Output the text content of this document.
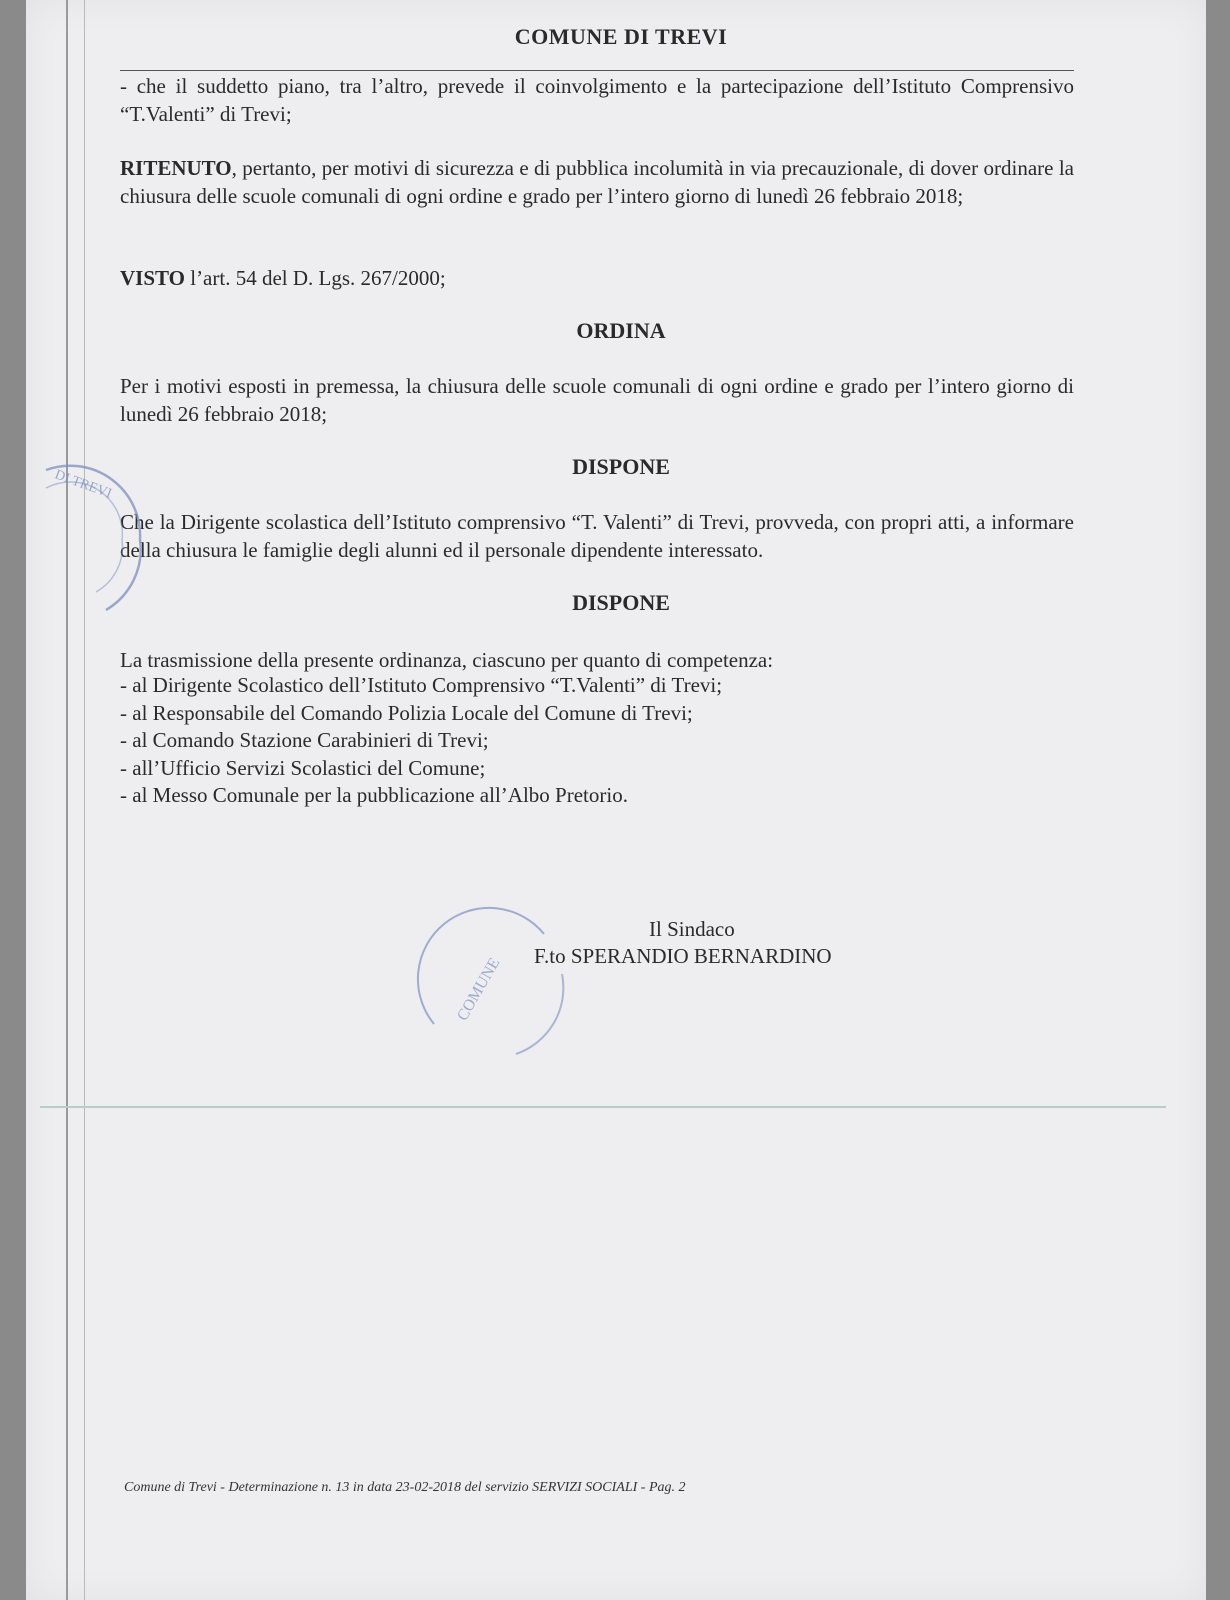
COMUNE DI TREVI
- che il suddetto piano, tra l’altro, prevede il coinvolgimento e la partecipazione dell’Istituto Comprensivo “T.Valenti” di Trevi;
RITENUTO, pertanto, per motivi di sicurezza e di pubblica incolumità in via precauzionale, di dover ordinare la chiusura delle scuole comunali di ogni ordine e grado per l’intero giorno di lunedì 26 febbraio 2018;
VISTO l’art. 54 del D. Lgs. 267/2000;
ORDINA
Per i motivi esposti in premessa, la chiusura delle scuole comunali di ogni ordine e grado per l’intero giorno di lunedì 26 febbraio 2018;
DISPONE
Che la Dirigente scolastica dell’Istituto comprensivo “T. Valenti” di Trevi, provveda, con propri atti, a informare della chiusura le famiglie degli alunni ed il personale dipendente interessato.
DISPONE
La trasmissione della presente ordinanza, ciascuno per quanto di competenza:
- al Dirigente Scolastico dell’Istituto Comprensivo “T.Valenti” di Trevi;
- al Responsabile del Comando Polizia Locale del Comune di Trevi;
- al Comando Stazione Carabinieri di Trevi;
- all’Ufficio Servizi Scolastici del Comune;
- al Messo Comunale per la pubblicazione all’Albo Pretorio.
DI TREVI
COMUNE
Il Sindaco
F.to SPERANDIO BERNARDINO
Comune di Trevi - Determinazione n. 13 in data 23-02-2018 del servizio SERVIZI SOCIALI - Pag. 2
